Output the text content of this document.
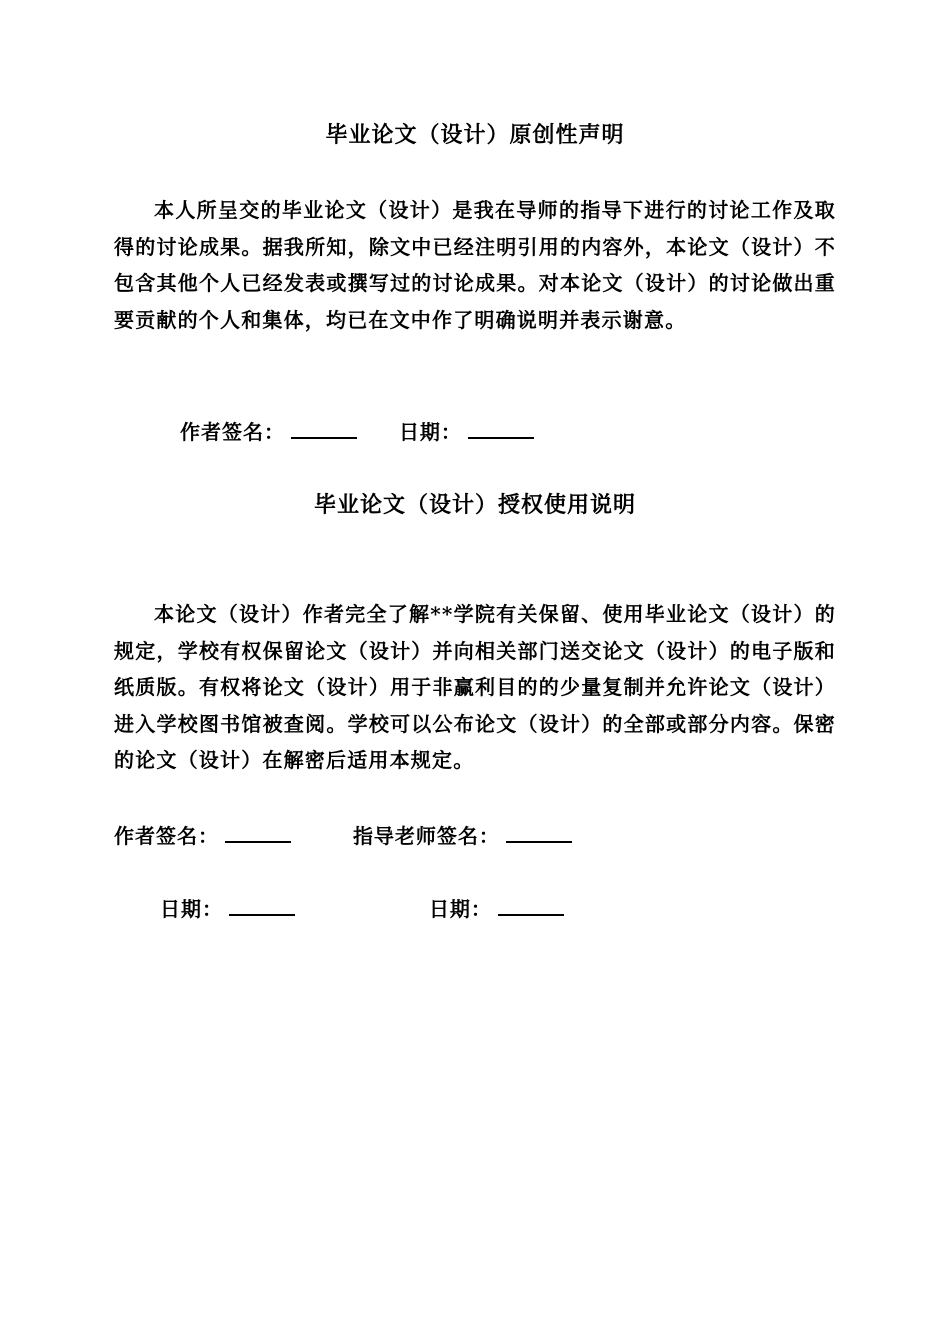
毕业论文（设计）原创性声明

本人所呈交的毕业论文（设计）是我在导师的指导下进行的讨论工作及取得的讨论成果。据我所知，除文中已经注明引用的内容外，本论文（设计）不包含其他个人已经发表或撰写过的讨论成果。对本论文（设计）的讨论做出重要贡献的个人和集体，均已在文中作了明确说明并表示谢意。

作者签名：	日期：
毕业论文（设计）授权使用说明

本论文（设计）作者完全了解**学院有关保留、使用毕业论文（设计）的规定，学校有权保留论文（设计）并向相关部门送交论文（设计）的电子版和纸质版。有权将论文（设计）用于非赢利目的的少量复制并允许论文（设计）进入学校图书馆被查阅。学校可以公布论文（设计）的全部或部分内容。保密的论文（设计）在解密后适用本规定。

作者签名：	指导老师签名：
日期：	日期：
